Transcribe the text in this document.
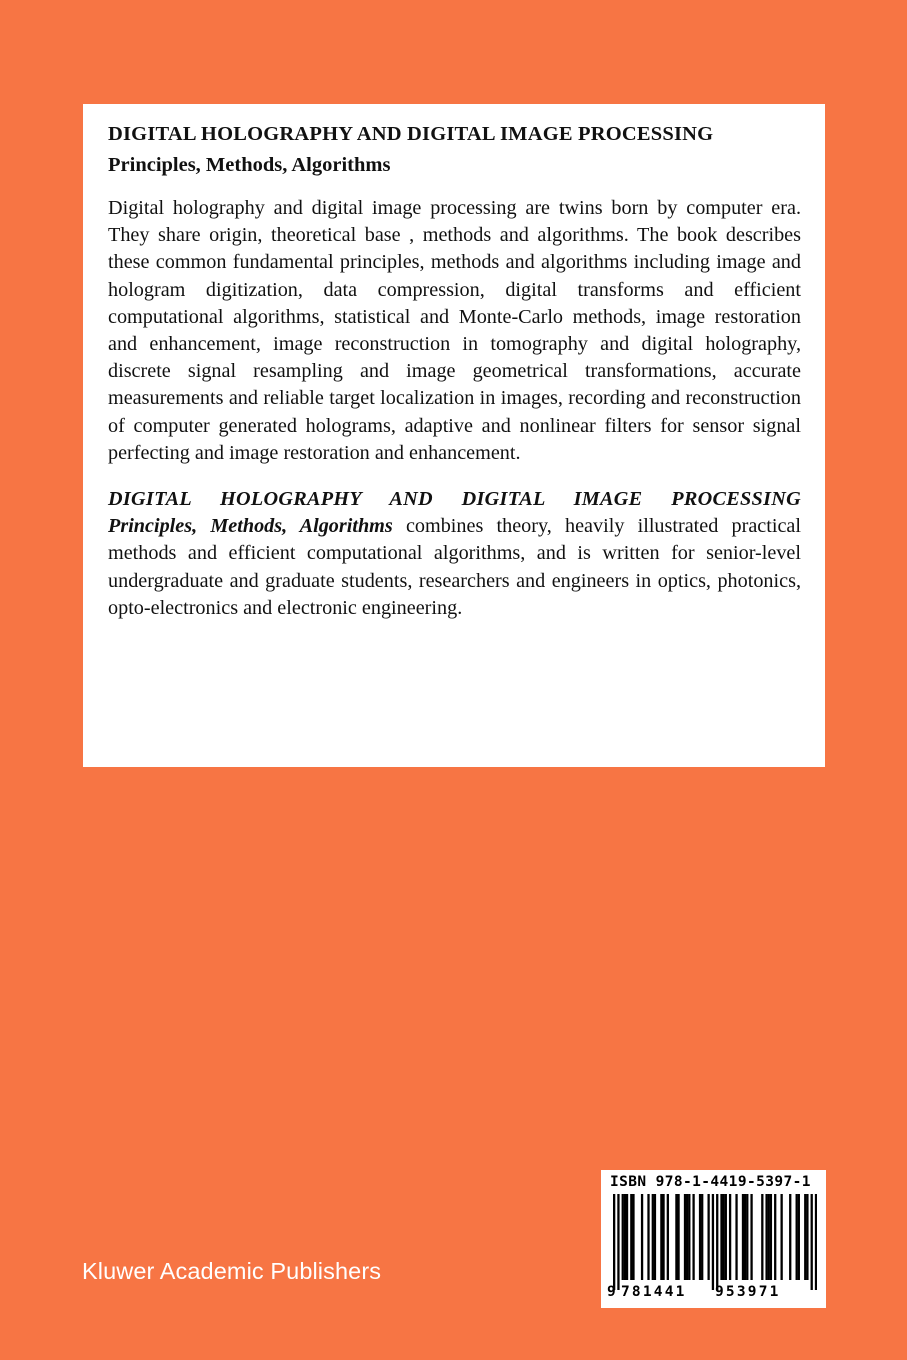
DIGITAL HOLOGRAPHY AND DIGITAL IMAGE PROCESSING
Principles, Methods, Algorithms

Digital holography and digital image processing are twins born by computer era. They share origin, theoretical base , methods and algorithms. The book describes these common fundamental principles, methods and algorithms including image and hologram digitization, data compression, digital transforms and efficient computational algorithms, statistical and Monte-Carlo methods, image restoration and enhancement, image reconstruction in tomography and digital holography, discrete signal resampling and image geometrical transformations, accurate measurements and reliable target localization in images, recording and reconstruction of computer generated holograms, adaptive and nonlinear filters for sensor signal perfecting and image restoration and enhancement.

DIGITAL HOLOGRAPHY AND DIGITAL IMAGE PROCESSING
Principles, Methods, Algorithms combines theory, heavily illustrated practical methods and efficient computational algorithms, and is written for senior-level undergraduate and graduate students, researchers and engineers in optics, photonics, opto-electronics and electronic engineering.

Kluwer Academic Publishers
ISBN 978-1-4419-5397-1
9 781441 953971
